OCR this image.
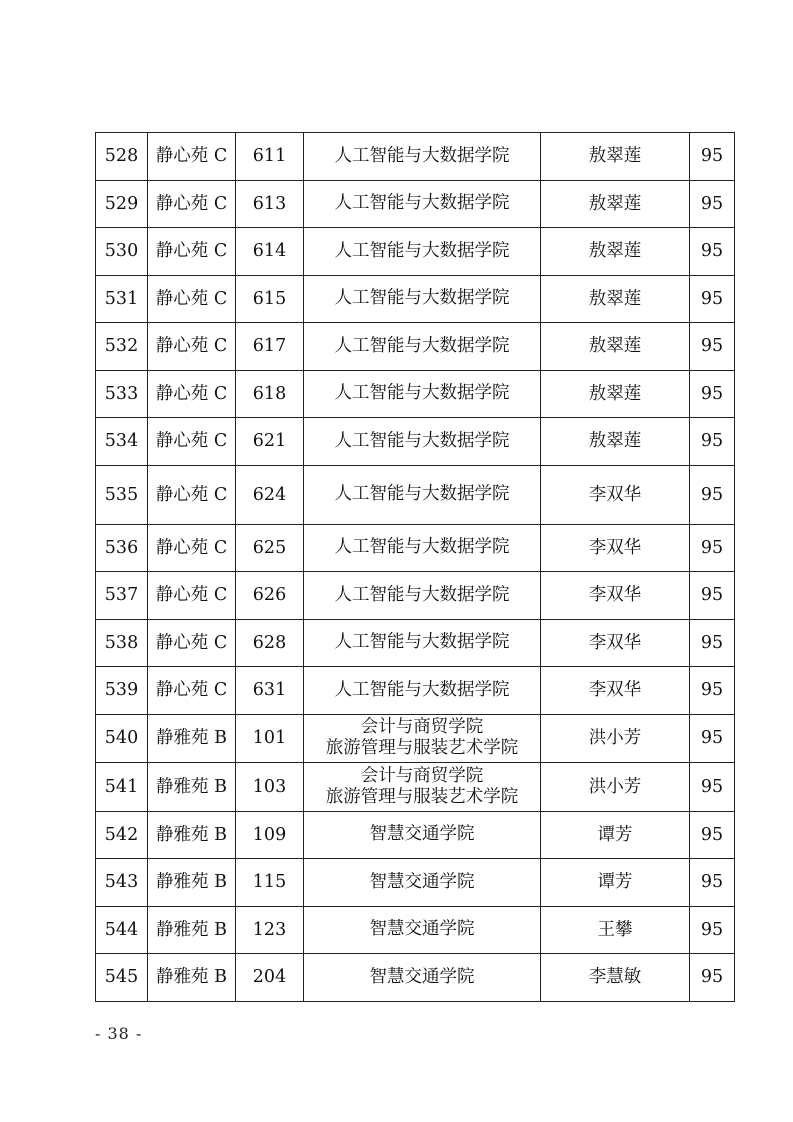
528	静心苑 C	611	人工智能与大数据学院	敖翠莲	95
529	静心苑 C	613	人工智能与大数据学院	敖翠莲	95
530	静心苑 C	614	人工智能与大数据学院	敖翠莲	95
531	静心苑 C	615	人工智能与大数据学院	敖翠莲	95
532	静心苑 C	617	人工智能与大数据学院	敖翠莲	95
533	静心苑 C	618	人工智能与大数据学院	敖翠莲	95
534	静心苑 C	621	人工智能与大数据学院	敖翠莲	95
535	静心苑 C	624	人工智能与大数据学院	李双华	95
536	静心苑 C	625	人工智能与大数据学院	李双华	95
537	静心苑 C	626	人工智能与大数据学院	李双华	95
538	静心苑 C	628	人工智能与大数据学院	李双华	95
539	静心苑 C	631	人工智能与大数据学院	李双华	95
540	静雅苑 B	101	会计与商贸学院
旅游管理与服装艺术学院	洪小芳	95
541	静雅苑 B	103	会计与商贸学院
旅游管理与服装艺术学院	洪小芳	95
542	静雅苑 B	109	智慧交通学院	谭芳	95
543	静雅苑 B	115	智慧交通学院	谭芳	95
544	静雅苑 B	123	智慧交通学院	王攀	95
545	静雅苑 B	204	智慧交通学院	李慧敏	95
- 38 -
